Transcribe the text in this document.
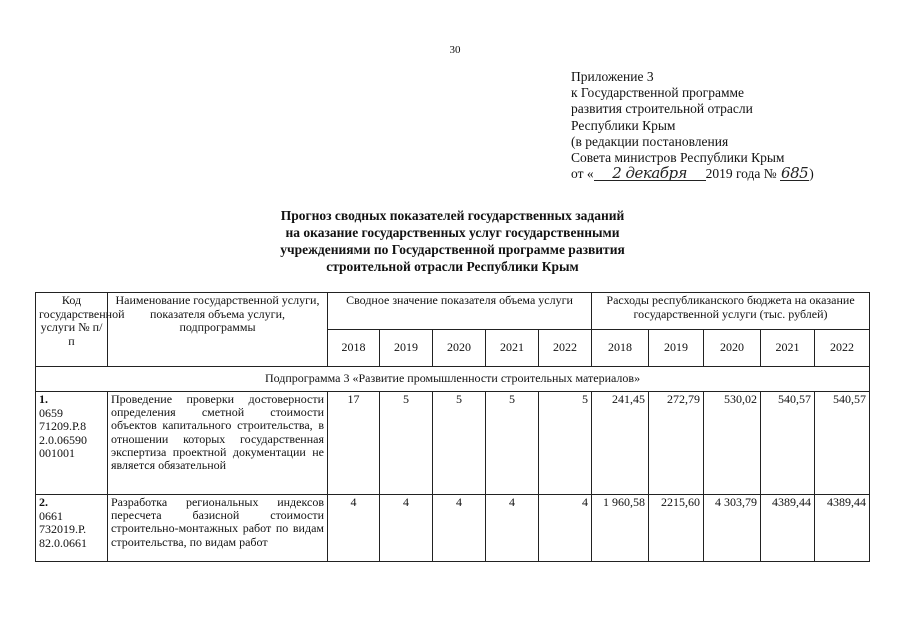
30
Приложение 3
к Государственной программе
развития строительной отрасли
Республики Крым
(в редакции постановления
Совета министров Республики Крым
от « 2 декабря 2019 года № 685)
Прогноз сводных показателей государственных заданий
на оказание государственных услуг государственными
учреждениями по Государственной программе развития
строительной отрасли Республики Крым
Код государственной услуги № п/п	Наименование государственной услуги, показателя объема услуги, подпрограммы	Сводное значение показателя объема услуги					Расходы республиканского бюджета на оказание государственной услуги (тыс. рублей)				
		2018	2019	2020	2021	2022	2018	2019	2020	2021	2022
Подпрограмма 3 «Развитие промышленности строительных материалов»											
1.
0659 71209.Р.8 2.0.06590 001001	Проведение проверки достоверности определения сметной стоимости объектов капитального строительства, в отношении которых государственная экспертиза проектной документации не является обязательной	17	5	5	5	5	241,45	272,79	530,02	540,57	540,57
2.
0661 732019.Р. 82.0.0661	Разработка региональных индексов пересчета базисной стоимости строительно-монтажных работ по видам строительства, по видам работ	4	4	4	4	4	1 960,58	2215,60	4 303,79	4389,44	4389,44
